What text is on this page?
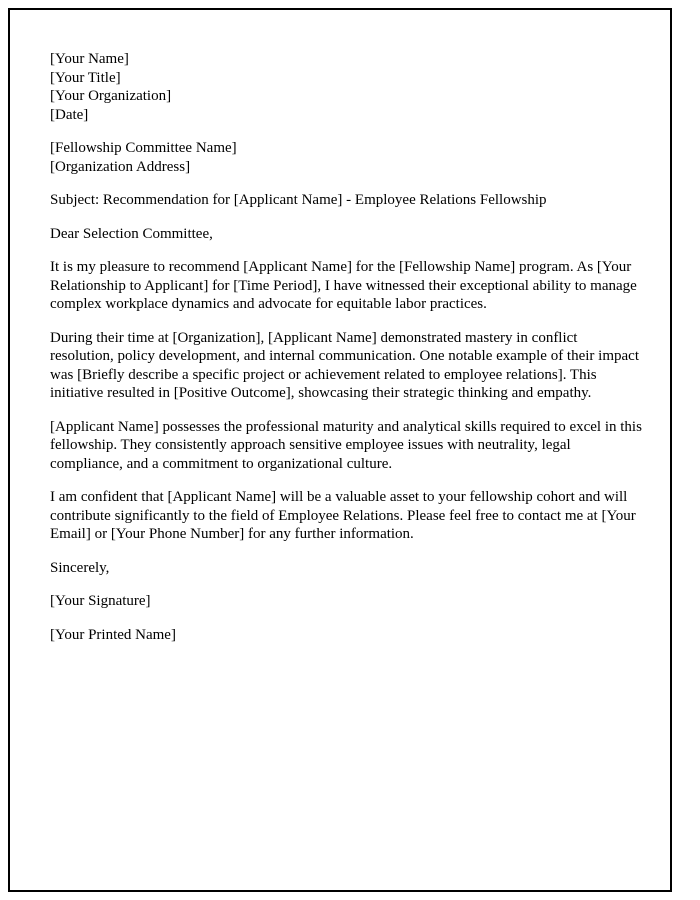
[Your Name]
[Your Title]
[Your Organization]
[Date]
[Fellowship Committee Name]
[Organization Address]
Subject: Recommendation for [Applicant Name] - Employee Relations Fellowship
Dear Selection Committee,
It is my pleasure to recommend [Applicant Name] for the [Fellowship Name] program. As [Your Relationship to Applicant] for [Time Period], I have witnessed their exceptional ability to manage complex workplace dynamics and advocate for equitable labor practices.
During their time at [Organization], [Applicant Name] demonstrated mastery in conflict resolution, policy development, and internal communication. One notable example of their impact was [Briefly describe a specific project or achievement related to employee relations]. This initiative resulted in [Positive Outcome], showcasing their strategic thinking and empathy.
[Applicant Name] possesses the professional maturity and analytical skills required to excel in this fellowship. They consistently approach sensitive employee issues with neutrality, legal compliance, and a commitment to organizational culture.
I am confident that [Applicant Name] will be a valuable asset to your fellowship cohort and will contribute significantly to the field of Employee Relations. Please feel free to contact me at [Your Email] or [Your Phone Number] for any further information.
Sincerely,
[Your Signature]
[Your Printed Name]
